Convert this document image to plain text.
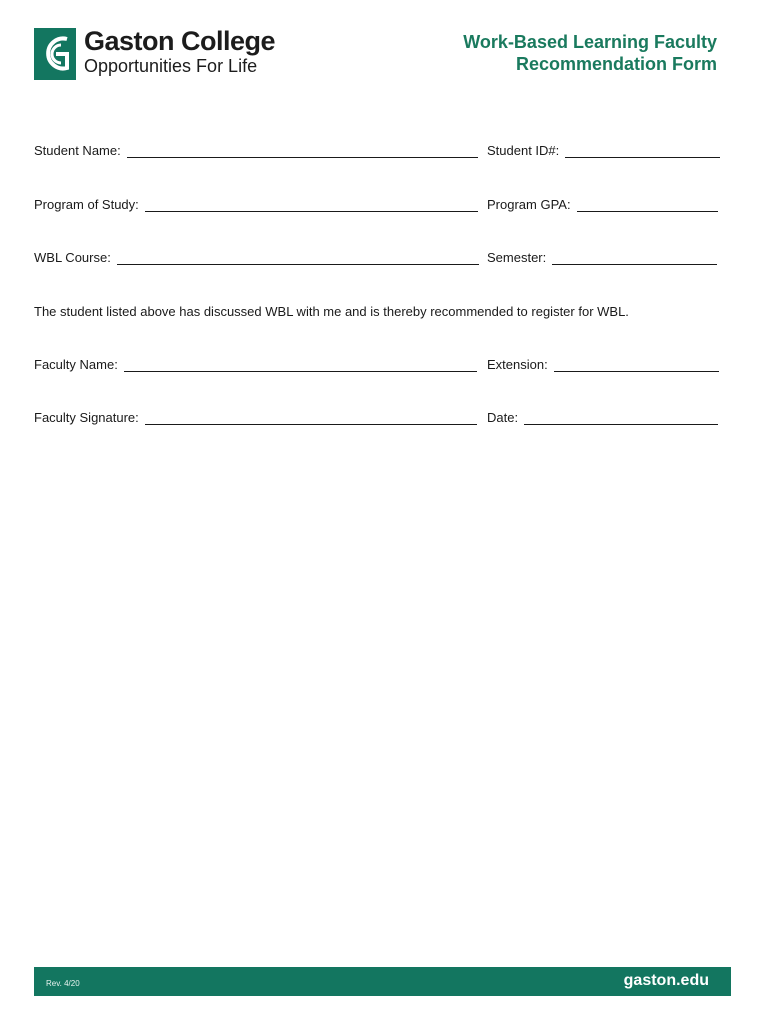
Gaston College
Opportunities For Life
Work-Based Learning Faculty
Recommendation Form
Student Name:	Student ID#:
Program of Study:	Program GPA:
WBL Course:	Semester:
The student listed above has discussed WBL with me and is thereby recommended to register for WBL.
Faculty Name:	Extension:
Faculty Signature:	Date:
Rev. 4/20	gaston.edu
